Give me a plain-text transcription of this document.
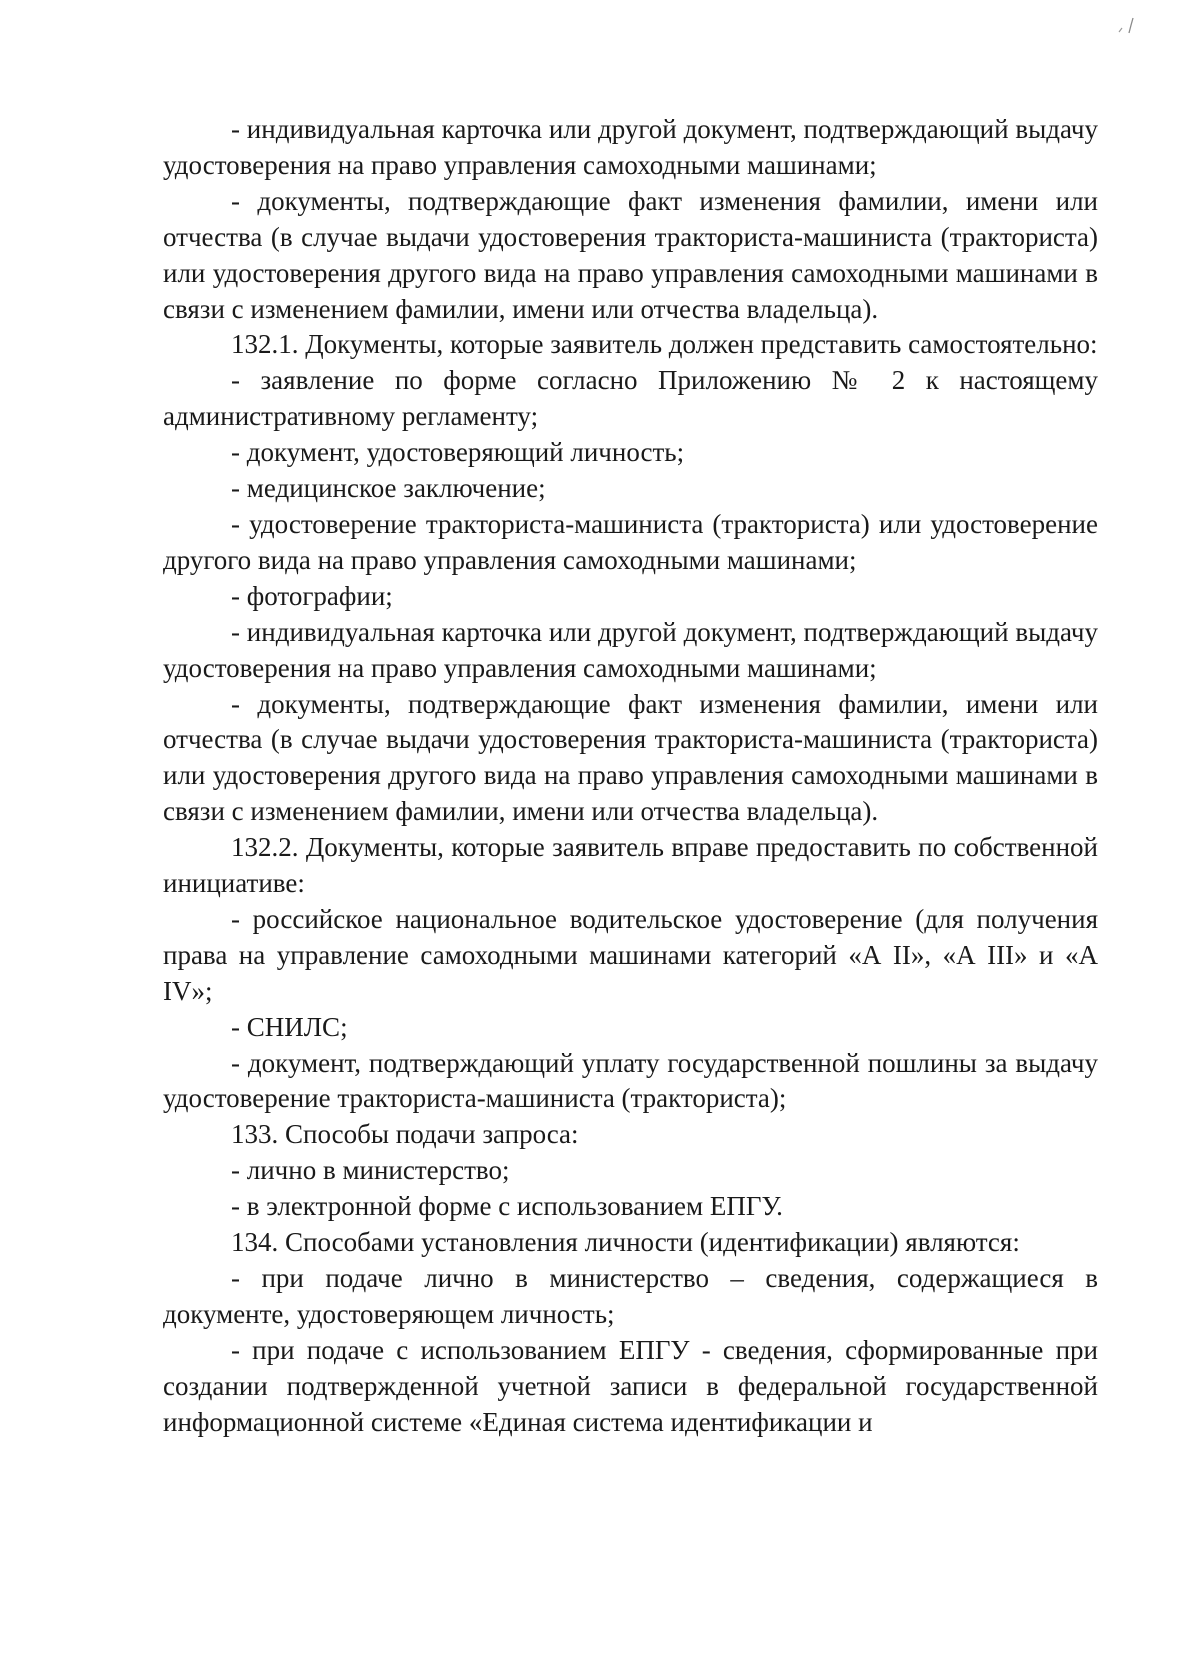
- индивидуальная карточка или другой документ, подтверждающий выдачу удостоверения на право управления самоходными машинами;

- документы, подтверждающие факт изменения фамилии, имени или отчества (в случае выдачи удостоверения тракториста-машиниста (тракториста) или удостоверения другого вида на право управления самоходными машинами в связи с изменением фамилии, имени или отчества владельца).

132.1. Документы, которые заявитель должен представить самостоятельно:

- заявление по форме согласно Приложению № 2 к настоящему административному регламенту;

- документ, удостоверяющий личность;

- медицинское заключение;

- удостоверение тракториста-машиниста (тракториста) или удостоверение другого вида на право управления самоходными машинами;

- фотографии;

- индивидуальная карточка или другой документ, подтверждающий выдачу удостоверения на право управления самоходными машинами;

- документы, подтверждающие факт изменения фамилии, имени или отчества (в случае выдачи удостоверения тракториста-машиниста (тракториста) или удостоверения другого вида на право управления самоходными машинами в связи с изменением фамилии, имени или отчества владельца).

132.2. Документы, которые заявитель вправе предоставить по собственной инициативе:

- российское национальное водительское удостоверение (для получения права на управление самоходными машинами категорий «А II», «А III» и «А IV»;

- СНИЛС;

- документ, подтверждающий уплату государственной пошлины за выдачу удостоверение тракториста-машиниста (тракториста);

133. Способы подачи запроса:

- лично в министерство;

- в электронной форме с использованием ЕПГУ.

134. Способами установления личности (идентификации) являются:

- при подаче лично в министерство – сведения, содержащиеся в документе, удостоверяющем личность;

- при подаче с использованием ЕПГУ - сведения, сформированные при создании подтвержденной учетной записи в федеральной государственной информационной системе «Единая система идентификации и
